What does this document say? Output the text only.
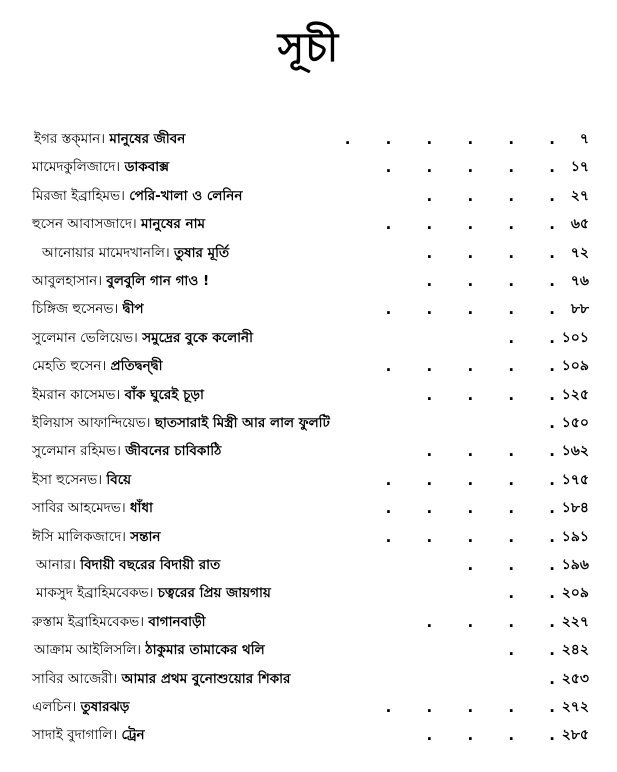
সূচী
ইগর স্তক্‌মান। মানুষের জীবন	.   .   .   .   .   . ৭
মামেদকুলিজাদে। ডাকবাক্স	.   .   .   .   . ১৭
মিরজা ইব্রাহিমভ। পেরি-খালা ও লেনিন	.   .   .   . ২৭
হুসেন আবাসজাদে। মানুষের নাম	.   .   .   .   . ৬৫
আনোয়ার মামেদখানলি। তুষার মূর্তি	.   .   .   . ৭২
আবুলহাসান। বুলবুলি গান গাও !	.   .   .   . ৭৬
চিঙ্গিজ হুসেনভ। দ্বীপ	.   .   .   .   . ৮৮
সুলেমান ভেলিয়েভ। সমুদ্রের বুকে কলোনী	.   . ১০১
মেহতি হুসেন। প্রতিদ্বন্দ্বী	.   .   .   .   . ১০৯
ইমরান কাসেমভ। বাঁক ঘুরেই চূড়া	.   .   .   . ১২৫
ইলিয়াস আফান্দিয়েভ। ছাতসারাই মিস্ত্রী আর লাল ফুলটি	. ১৫০
সুলেমান রহিমভ। জীবনের চাবিকাঠি	.   .   .   . ১৬২
ইসা হুসেনভ। বিয়ে	.   .   .   .   . ১৭৫
সাবির আহমেদভ। ধাঁধা	.   .   .   .   . ১৮৪
ঈসি মালিকজাদে। সন্তান	.   .   .   .   . ১৯১
আনার। বিদায়ী বছরের বিদায়ী রাত	.   .   . ১৯৬
মাকসুদ ইব্রাহিমবেকভ। চত্বরের প্রিয় জায়গায়	.   . ২০৯
রুস্তাম ইব্রাহিমবেকভ। বাগানবাড়ী	.   .   .   . ২২৭
আক্রাম আইলিসলি। ঠাকুমার তামাকের থলি	.   . ২৪২
সাবির আজেরী। আমার প্রথম বুনোশুয়োর শিকার	. ২৫৩
এলচিন। তুষারঝড়	.   .   .   .   . ২৭২
সাদাই বুদাগালি। ট্রেন	.   .   .   . ২৮৫
